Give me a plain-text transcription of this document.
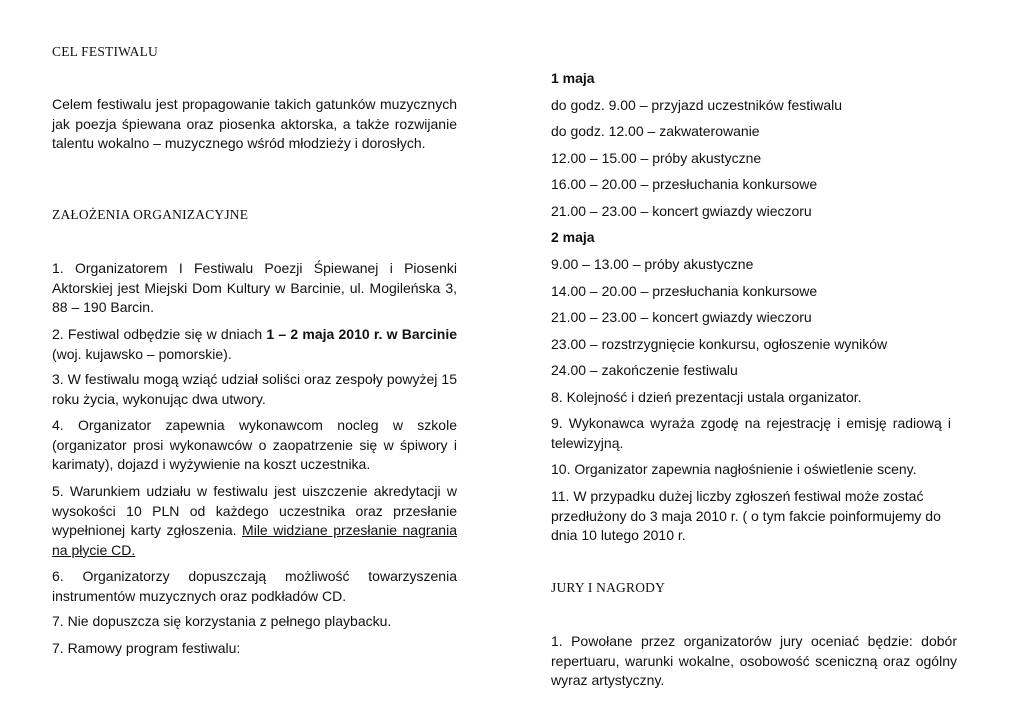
CEL FESTIWALU

Celem festiwalu jest propagowanie takich gatunków muzycznych jak poezja śpiewana oraz piosenka aktorska, a także rozwijanie talentu wokalno – muzycznego wśród młodzieży i dorosłych.

ZAŁOŻENIA ORGANIZACYJNE

1. Organizatorem I Festiwalu Poezji Śpiewanej i Piosenki Aktorskiej jest Miejski Dom Kultury w Barcinie, ul. Mogileńska 3, 88 – 190 Barcin.

2. Festiwal odbędzie się w dniach 1 – 2 maja 2010 r. w Barcinie (woj. kujawsko – pomorskie).

3. W festiwalu mogą wziąć udział soliści oraz zespoły powyżej 15 roku życia, wykonując dwa utwory.

4. Organizator zapewnia wykonawcom nocleg w szkole (organizator prosi wykonawców o zaopatrzenie się w śpiwory i karimaty), dojazd i wyżywienie na koszt uczestnika.

5. Warunkiem udziału w festiwalu jest uiszczenie akredytacji w wysokości 10 PLN od każdego uczestnika oraz przesłanie wypełnionej karty zgłoszenia. Mile widziane przesłanie nagrania na płycie CD.

6. Organizatorzy dopuszczają możliwość towarzyszenia instrumentów muzycznych oraz podkładów CD.

7. Nie dopuszcza się korzystania z pełnego playbacku.

7. Ramowy program festiwalu:

1 maja

do godz. 9.00 – przyjazd uczestników festiwalu

do godz. 12.00 – zakwaterowanie

12.00 – 15.00 – próby akustyczne

16.00 – 20.00 – przesłuchania konkursowe

21.00 – 23.00 – koncert gwiazdy wieczoru

2 maja

9.00 – 13.00 – próby akustyczne

14.00 – 20.00 – przesłuchania konkursowe

21.00 – 23.00 – koncert gwiazdy wieczoru

23.00 – rozstrzygnięcie konkursu, ogłoszenie wyników

24.00 – zakończenie festiwalu

8. Kolejność i dzień prezentacji ustala organizator.

9. Wykonawca wyraża zgodę na rejestrację i emisję radiową i telewizyjną.

10. Organizator zapewnia nagłośnienie i oświetlenie sceny.

11. W przypadku dużej liczby zgłoszeń festiwal może zostać przedłużony do 3 maja 2010 r. ( o tym fakcie poinformujemy do dnia 10 lutego 2010 r.

JURY I NAGRODY

1. Powołane przez organizatorów jury oceniać będzie: dobór repertuaru, warunki wokalne, osobowość sceniczną oraz ogólny wyraz artystyczny.
